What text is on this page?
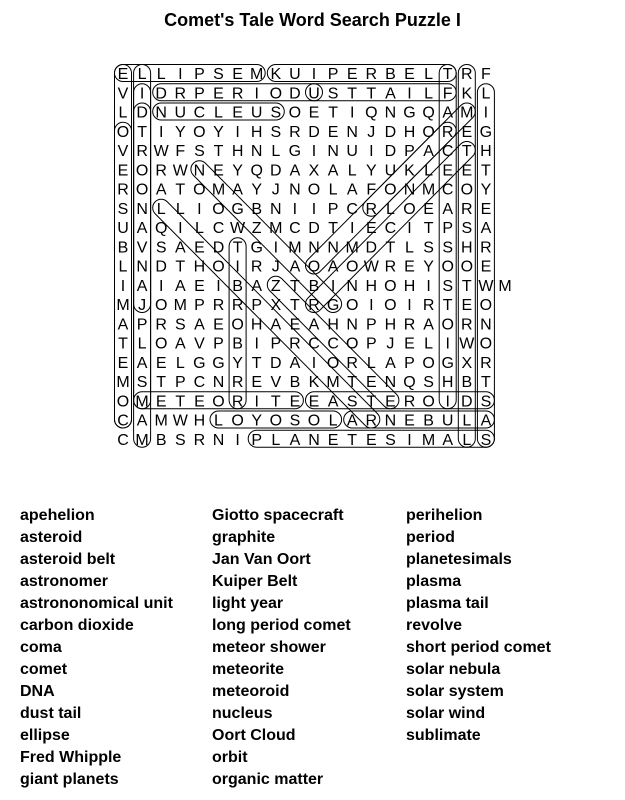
Comet's Tale Word Search Puzzle I
E L L I P S E M K U I P E R B E L T R F
V I D R P E R I O D U S T T A I L F K L
L D N U C L E U S O E T I Q N G Q A M I
O T I Y O Y I H S R D E N J D H O R E G
V R W F S T H N L G I N U I D P A C T H
E O R W N E Y Q D A X A L Y U K L E E T
R O A T O M A Y J N O L A F O N M C O Y
S N L L I O G B N I I P C R L O E A R E
U A Q I L C W Z M C D T I E C I T P S A
B V S A E D T G I M N N M D T L S S H R
L N D T H O I R J A O A O W R E Y O O E
I A I A E I B A Z T B I N H O H I S T W M
M J O M P R R P X T R G O I O I R T E O
A P R S A E O H A E A H N P H R A O R N
T L O A V P B I P R C C O P J E L I W O
E A E L G G Y T D A I O R L A P O G X R
M S T P C N R E V B K M T E N Q S H B T
O M E T E O R I T E E A S T E R O I D S
C A M W H L O Y O S O L A R N E B U L A
C M B S R N I P L A N E T E S I M A L S
apehelion
asteroid
asteroid belt
astronomer
astrononomical unit
carbon dioxide
coma
comet
DNA
dust tail
ellipse
Fred Whipple
giant planets
Giotto spacecraft
graphite
Jan Van Oort
Kuiper Belt
light year
long period comet
meteor shower
meteorite
meteoroid
nucleus
Oort Cloud
orbit
organic matter
perihelion
period
planetesimals
plasma
plasma tail
revolve
short period comet
solar nebula
solar system
solar wind
sublimate
